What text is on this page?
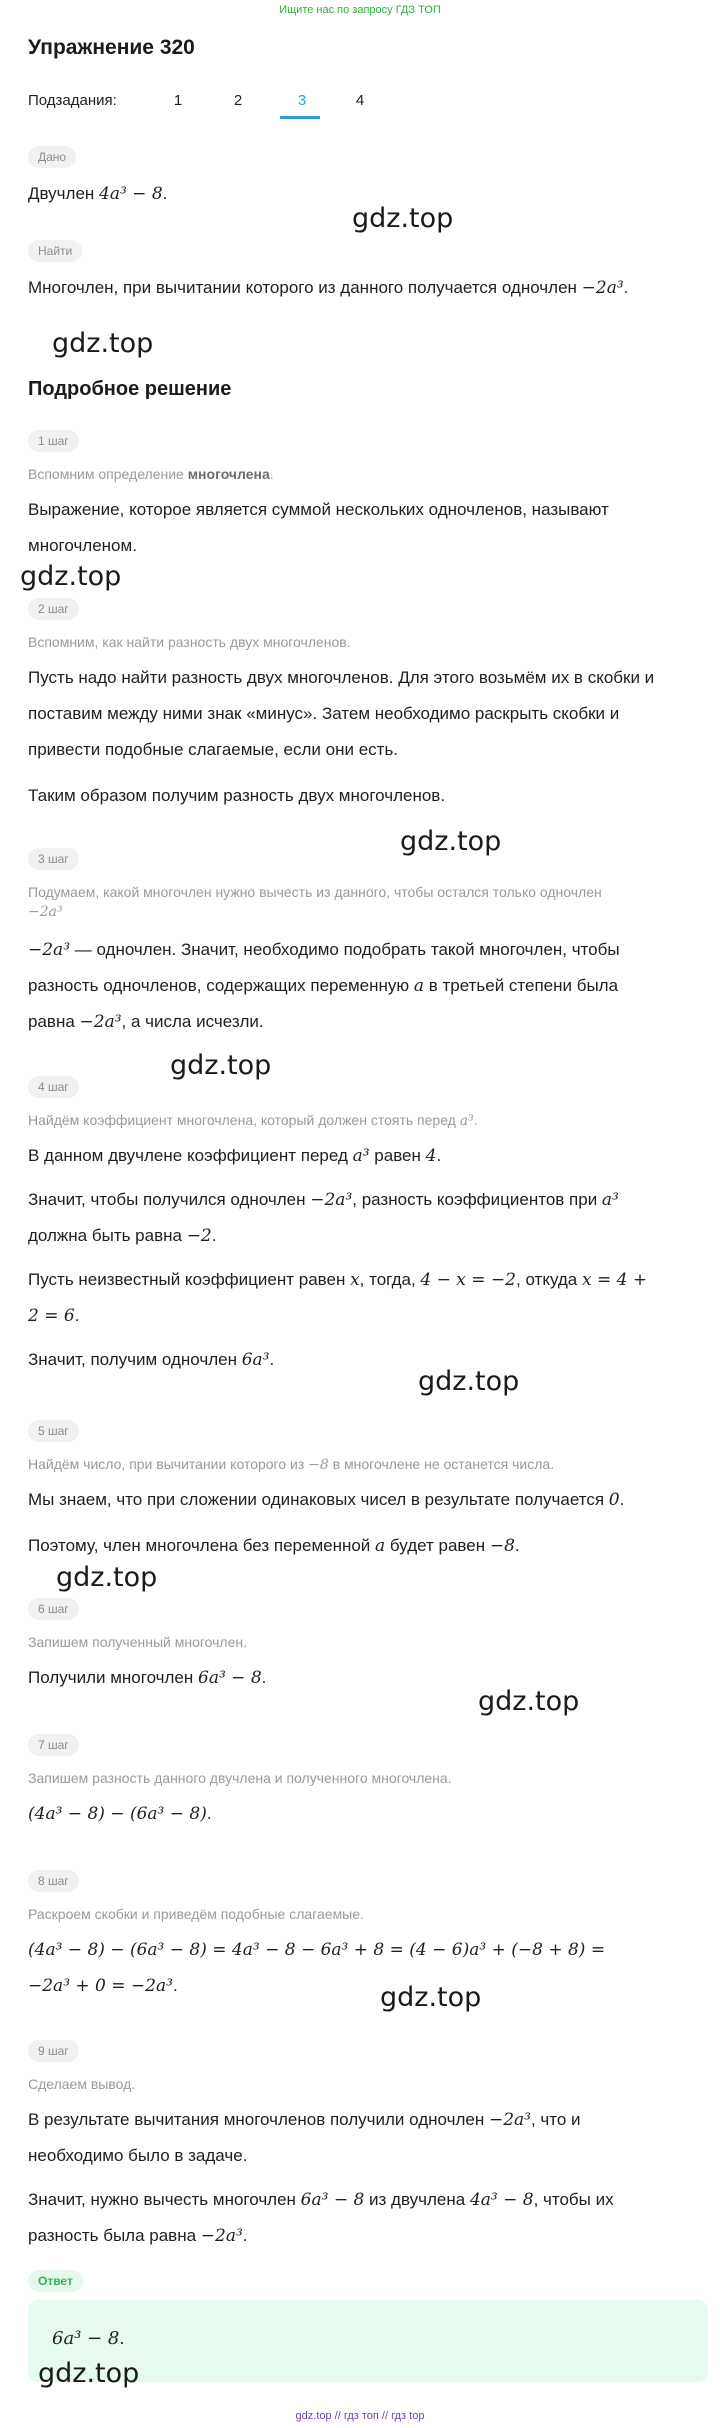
Ищите нас по запросу ГДЗ ТОП
Упражнение 320
Подзадания:	1	2	3	4
Дано
Двучлен 4a³ − 8.
Найти
Многочлен, при вычитании которого из данного получается одночлен −2a³.
Подробное решение
1 шаг
Вспомним определение многочлена.
Выражение, которое является суммой нескольких одночленов, называют
многочленом.
2 шаг
Вспомним, как найти разность двух многочленов.
Пусть надо найти разность двух многочленов. Для этого возьмём их в скобки и
поставим между ними знак «минус». Затем необходимо раскрыть скобки и
привести подобные слагаемые, если они есть.
Таким образом получим разность двух многочленов.
3 шаг
Подумаем, какой многочлен нужно вычесть из данного, чтобы остался только одночлен
−2a³
−2a³ — одночлен. Значит, необходимо подобрать такой многочлен, чтобы
разность одночленов, содержащих переменную a в третьей степени была
равна −2a³, а числа исчезли.
4 шаг
Найдём коэффициент многочлена, который должен стоять перед a³.
В данном двучлене коэффициент перед a³ равен 4.
Значит, чтобы получился одночлен −2a³, разность коэффициентов при a³
должна быть равна −2.
Пусть неизвестный коэффициент равен x, тогда, 4 − x = −2, откуда x = 4 +
2 = 6.
Значит, получим одночлен 6a³.
5 шаг
Найдём число, при вычитании которого из −8 в многочлене не останется числа.
Мы знаем, что при сложении одинаковых чисел в результате получается 0.
Поэтому, член многочлена без переменной a будет равен −8.
6 шаг
Запишем полученный многочлен.
Получили многочлен 6a³ − 8.
7 шаг
Запишем разность данного двучлена и полученного многочлена.
(4a³ − 8) − (6a³ − 8).
8 шаг
Раскроем скобки и приведём подобные слагаемые.
(4a³ − 8) − (6a³ − 8) = 4a³ − 8 − 6a³ + 8 = (4 − 6)a³ + (−8 + 8) =
−2a³ + 0 = −2a³.
9 шаг
Сделаем вывод.
В результате вычитания многочленов получили одночлен −2a³, что и
необходимо было в задаче.
Значит, нужно вычесть многочлен 6a³ − 8 из двучлена 4a³ − 8, чтобы их
разность была равна −2a³.
Ответ
6a³ − 8.
gdz.top
gdz.top
gdz.top
gdz.top
gdz.top
gdz.top
gdz.top
gdz.top
gdz.top
gdz.top
gdz.top // гдз топ // гдз top
